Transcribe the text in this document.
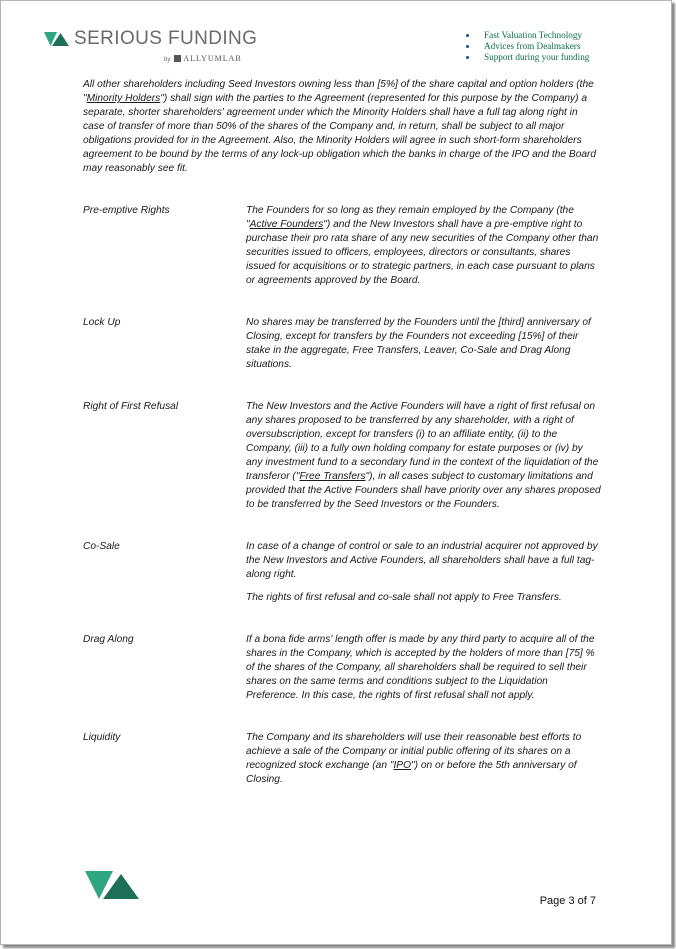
SERIOUS FUNDING
by ALLYUMLAB
Fast Valuation Technology
Advices from Dealmakers
Support during your funding

All other shareholders including Seed Investors owning less than [5%] of the share capital and option holders (the "Minority Holders") shall sign with the parties to the Agreement (represented for this purpose by the Company) a separate, shorter shareholders' agreement under which the Minority Holders shall have a full tag along right in case of transfer of more than 50% of the shares of the Company and, in return, shall be subject to all major obligations provided for in the Agreement. Also, the Minority Holders will agree in such short-form shareholders agreement to be bound by the terms of any lock-up obligation which the banks in charge of the IPO and the Board may reasonably see fit.

Pre-emptive Rights	The Founders for so long as they remain employed by the Company (the "Active Founders") and the New Investors shall have a pre-emptive right to purchase their pro rata share of any new securities of the Company other than securities issued to officers, employees, directors or consultants, shares issued for acquisitions or to strategic partners, in each case pursuant to plans or agreements approved by the Board.

Lock Up	No shares may be transferred by the Founders until the [third] anniversary of Closing, except for transfers by the Founders not exceeding [15%] of their stake in the aggregate, Free Transfers, Leaver, Co-Sale and Drag Along situations.

Right of First Refusal	The New Investors and the Active Founders will have a right of first refusal on any shares proposed to be transferred by any shareholder, with a right of oversubscription, except for transfers (i) to an affiliate entity, (ii) to the Company, (iii) to a fully own holding company for estate purposes or (iv) by any investment fund to a secondary fund in the context of the liquidation of the transferor ("Free Transfers"), in all cases subject to customary limitations and provided that the Active Founders shall have priority over any shares proposed to be transferred by the Seed Investors or the Founders.

Co-Sale	In case of a change of control or sale to an industrial acquirer not approved by the New Investors and Active Founders, all shareholders shall have a full tag-along right.

The rights of first refusal and co-sale shall not apply to Free Transfers.

Drag Along	If a bona fide arms' length offer is made by any third party to acquire all of the shares in the Company, which is accepted by the holders of more than [75] % of the shares of the Company, all shareholders shall be required to sell their shares on the same terms and conditions subject to the Liquidation Preference. In this case, the rights of first refusal shall not apply.

Liquidity	The Company and its shareholders will use their reasonable best efforts to achieve a sale of the Company or initial public offering of its shares on a recognized stock exchange (an "IPO") on or before the 5th anniversary of Closing.

Page 3 of 7
